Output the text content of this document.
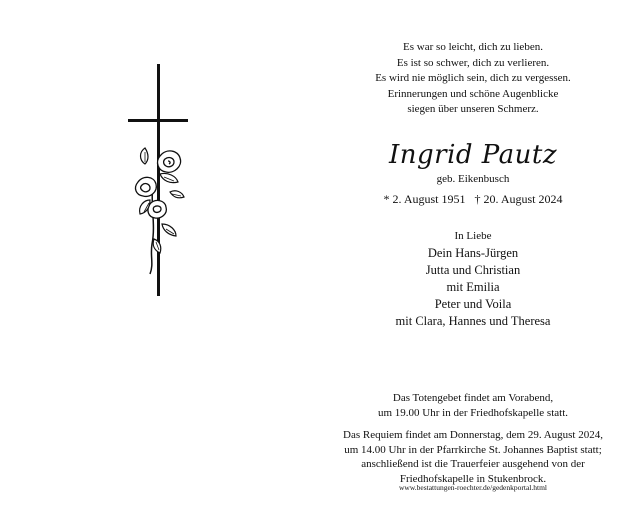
Es war so leicht, dich zu lieben.
Es ist so schwer, dich zu verlieren.
Es wird nie möglich sein, dich zu vergessen.
Erinnerungen und schöne Augenblicke
siegen über unseren Schmerz.
Ingrid Pautz
geb. Eikenbusch
* 2. August 1951 † 20. August 2024
In Liebe
Dein Hans-Jürgen
Jutta und Christian
mit Emilia
Peter und Voila
mit Clara, Hannes und Theresa
Das Totengebet findet am Vorabend,
um 19.00 Uhr in der Friedhofskapelle statt.
Das Requiem findet am Donnerstag, dem 29. August 2024,
um 14.00 Uhr in der Pfarrkirche St. Johannes Baptist statt;
anschließend ist die Trauerfeier ausgehend von der
Friedhofskapelle in Stukenbrock.
www.bestattungen-roechter.de/gedenkportal.html
